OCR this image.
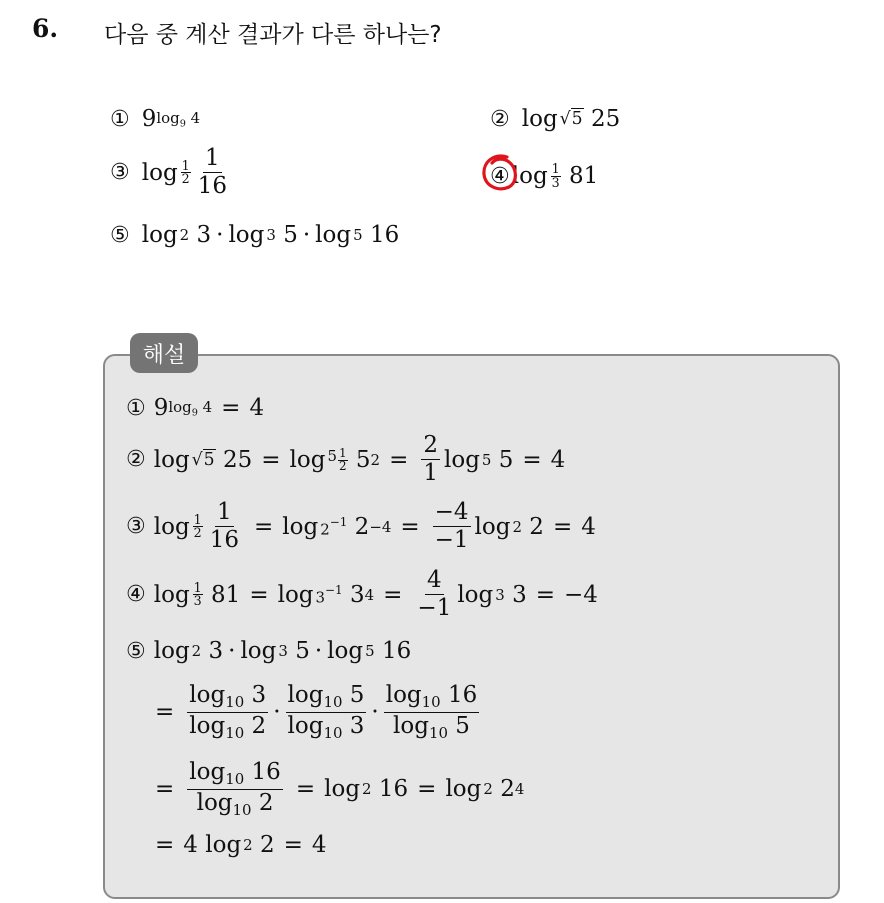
6. 다음 중 계산 결과가 다른 하나는?
① 9 $\log_9 4$	② log √5
25
③ $\log \frac{1}{2} \frac{1}{16}$	④ $\log \frac{1}{3}$
81
⑤ log 2
3 · log 3
5 · log 5
16
해설
① 9 $\log_9 4 = 4$
② log √5
$25 = \log 5 \frac{1}{2}$
5 $2 = \frac{2}{1}$ log 5
5 = 4
③ $\log \frac{1}{2} \frac{1}{16} = \log 2^{-1}$
$2 -4 = \frac{-4}{-1}$ log 2
2 = 4
④ $\log \frac{1}{3}$
$81 = \log 3^{-1}$
3 $4 = \frac{4}{-1}$ log 3
3 = −4
⑤ log 2
3 · log 3
5 · log 5
16
= $\frac{\log_{10} 3}{\log_{10} 2} \cdot \frac{\log_{10} 5}{\log_{10} 3} \cdot \frac{\log_{10} 16}{\log_{10} 5}$
= $\frac{\log_{10} 16}{\log_{10} 2} = \log 2$
16 = log 2
2 4
= 4
log 2
2 = 4
